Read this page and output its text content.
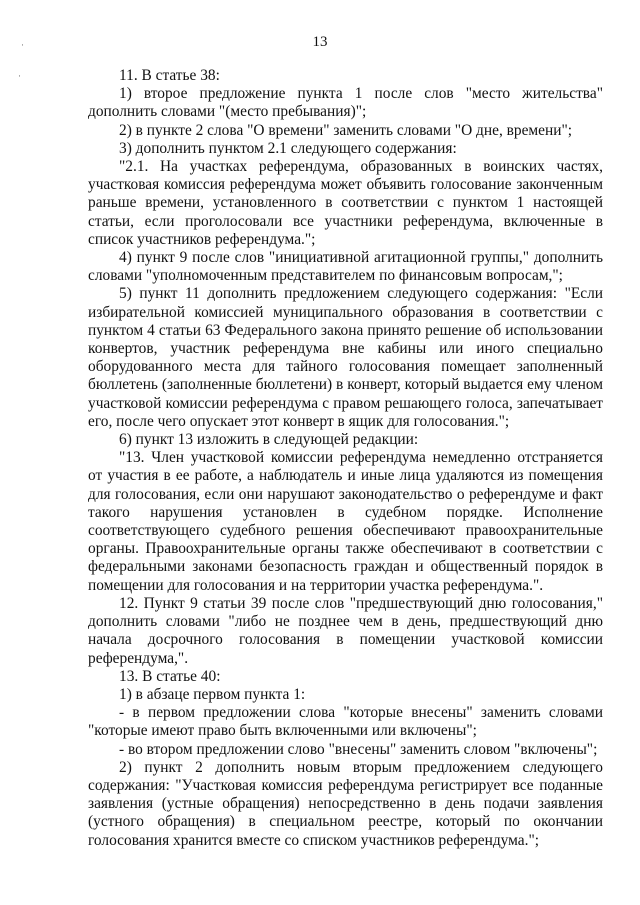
13
·
·	11. В статье 38:

1) второе предложение пункта 1 после слов "место жительства" дополнить словами "(место пребывания)";

2) в пункте 2 слова "О времени" заменить словами "О дне, времени";

3) дополнить пунктом 2.1 следующего содержания:

"2.1. На участках референдума, образованных в воинских частях, участковая комиссия референдума может объявить голосование законченным раньше времени, установленного в соответствии с пунктом 1 настоящей статьи, если проголосовали все участники референдума, включенные в список участников референдума.";

4) пункт 9 после слов "инициативной агитационной группы," дополнить словами "уполномоченным представителем по финансовым вопросам,";

5) пункт 11 дополнить предложением следующего содержания: "Если избирательной комиссией муниципального образования в соответствии с пунктом 4 статьи 63 Федерального закона принято решение об использовании конвертов, участник референдума вне кабины или иного специально оборудованного места для тайного голосования помещает заполненный бюллетень (заполненные бюллетени) в конверт, который выдается ему членом участковой комиссии референдума с правом решающего голоса, запечатывает его, после чего опускает этот конверт в ящик для голосования.";

6) пункт 13 изложить в следующей редакции:

"13. Член участковой комиссии референдума немедленно отстраняется от участия в ее работе, а наблюдатель и иные лица удаляются из помещения для голосования, если они нарушают законодательство о референдуме и факт такого нарушения установлен в судебном порядке. Исполнение соответствующего судебного решения обеспечивают правоохранительные органы. Правоохранительные органы также обеспечивают в соответствии с федеральными законами безопасность граждан и общественный порядок в помещении для голосования и на территории участка референдума.".

12. Пункт 9 статьи 39 после слов "предшествующий дню голосования," дополнить словами "либо не позднее чем в день, предшествующий дню начала досрочного голосования в помещении участковой комиссии референдума,".

13. В статье 40:

1) в абзаце первом пункта 1:

- в первом предложении слова "которые внесены" заменить словами "которые имеют право быть включенными или включены";

- во втором предложении слово "внесены" заменить словом "включены";

2) пункт 2 дополнить новым вторым предложением следующего содержания: "Участковая комиссия референдума регистрирует все поданные заявления (устные обращения) непосредственно в день подачи заявления (устного обращения) в специальном реестре, который по окончании голосования хранится вместе со списком участников референдума.";
